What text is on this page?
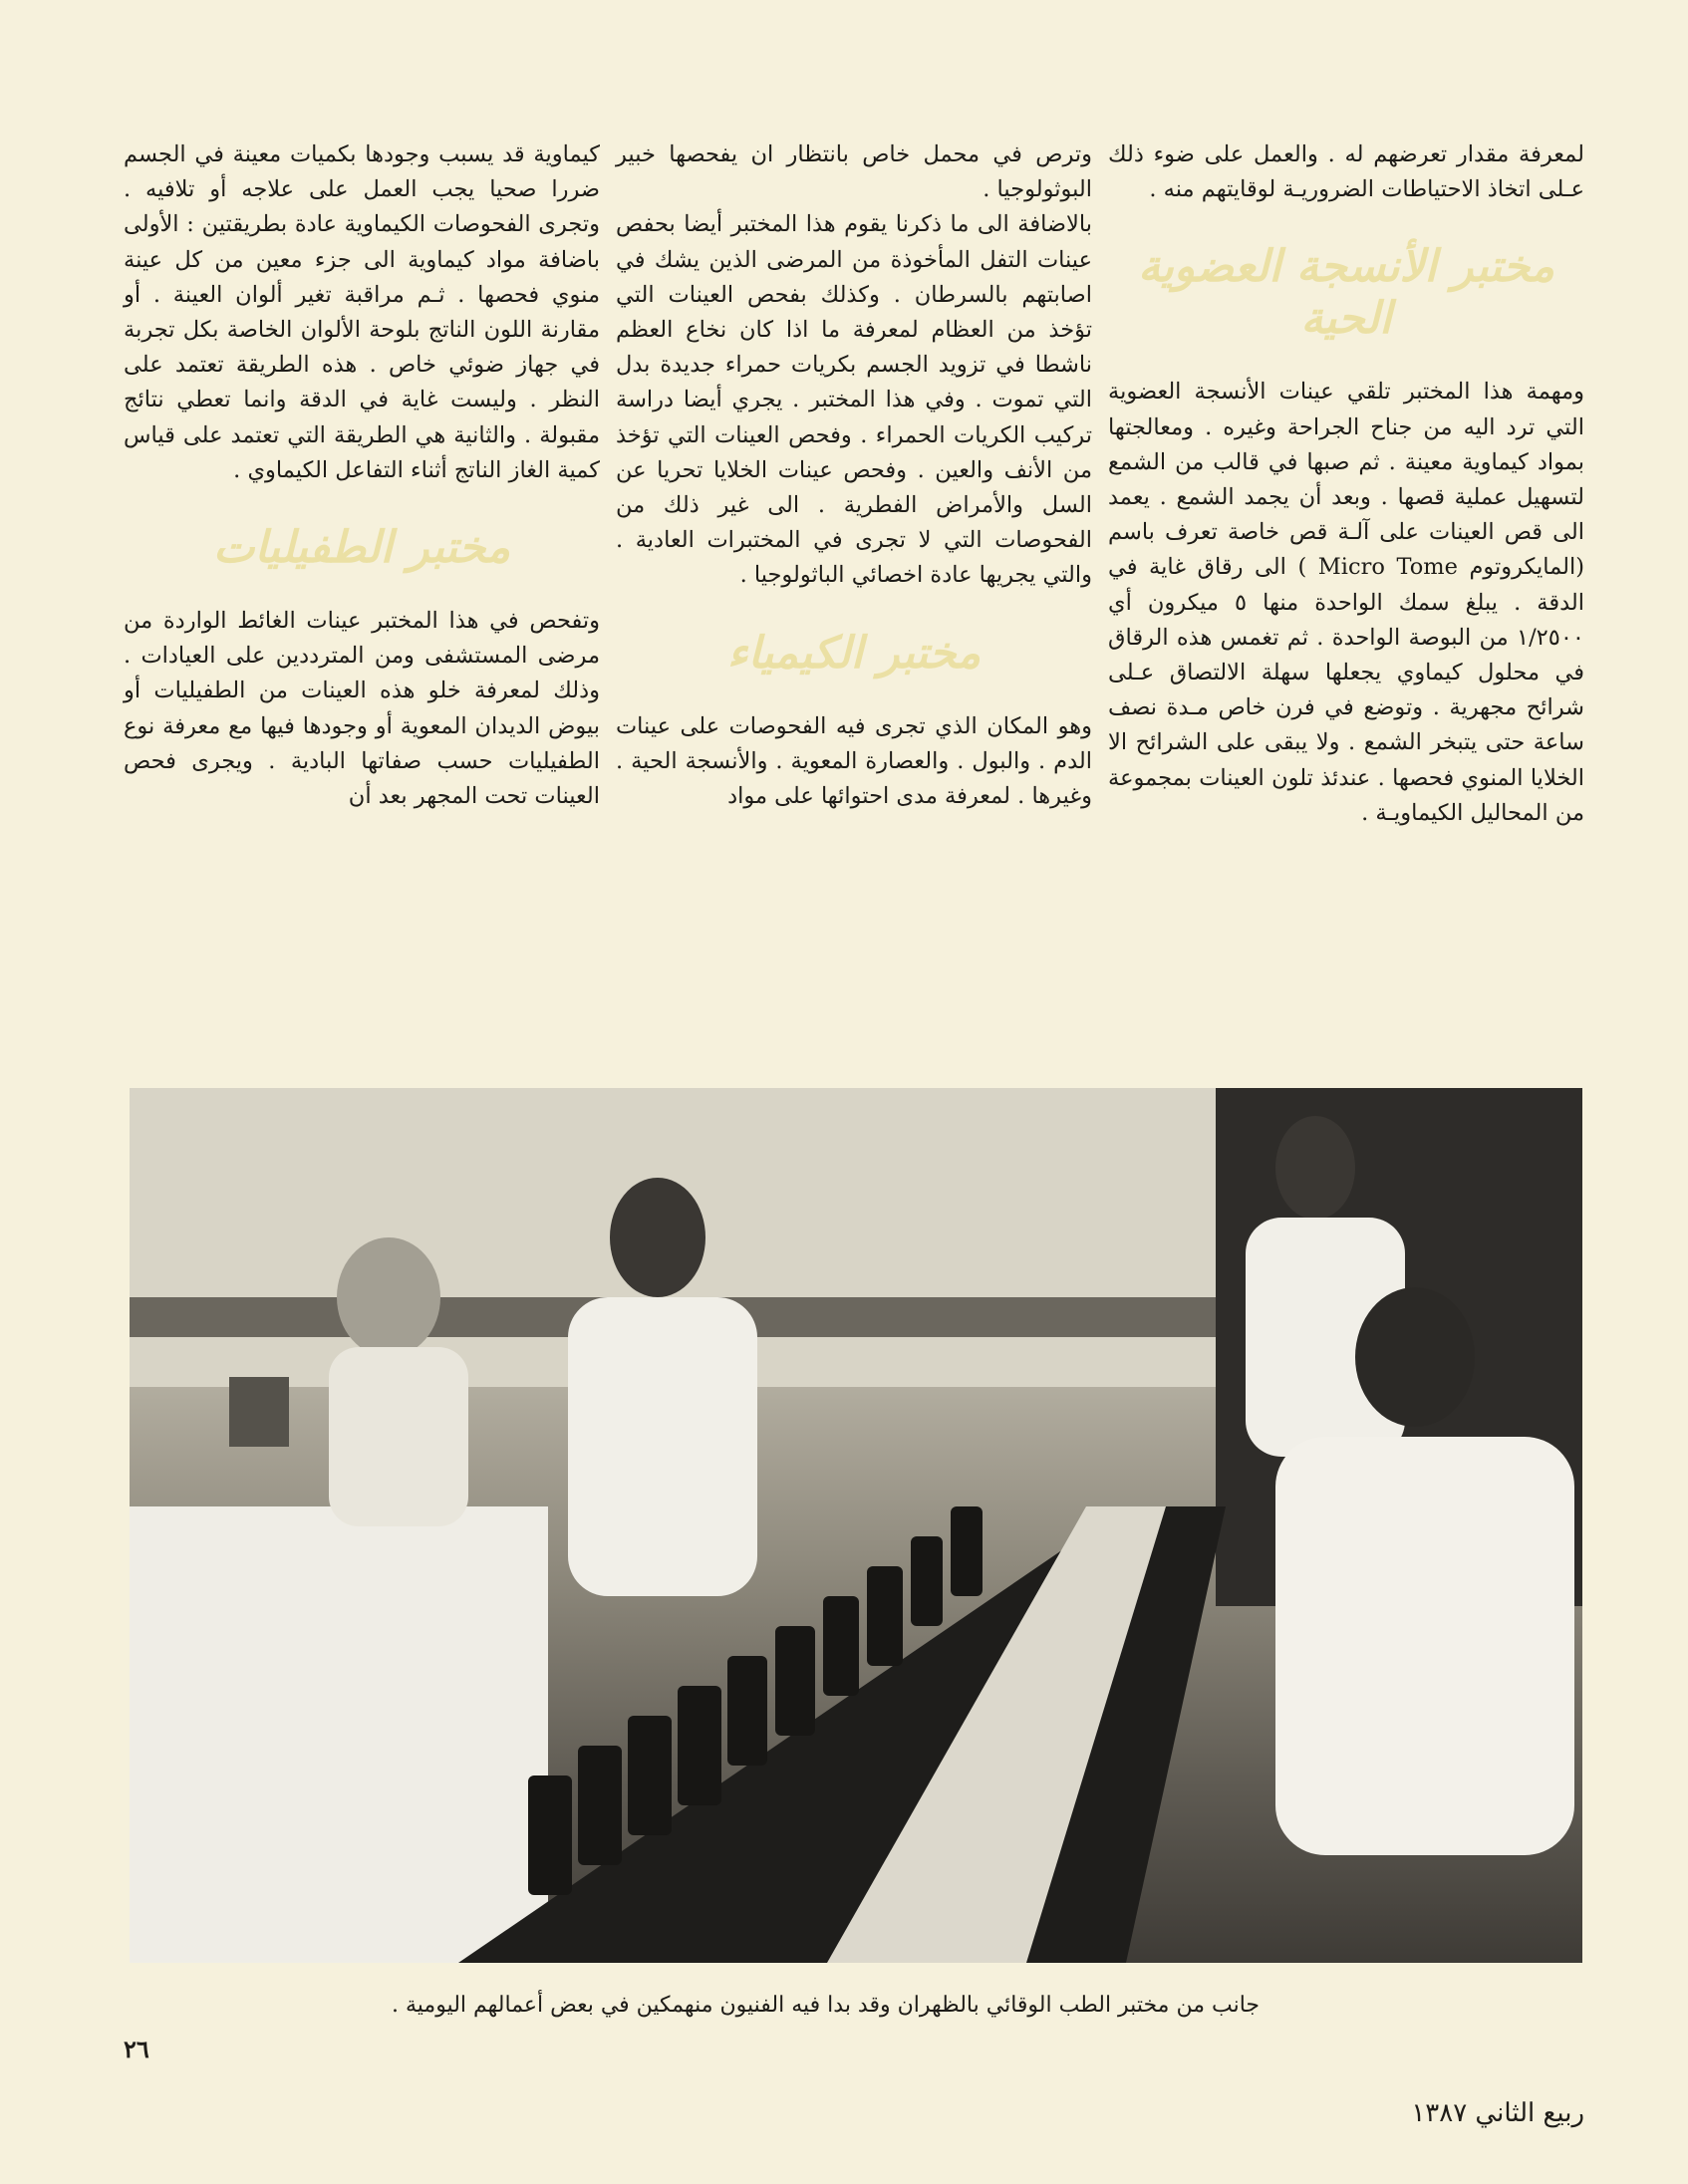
لمعرفة مقدار تعرضهم له . والعمل على ضوء ذلك عـلى اتخاذ الاحتياطات الضروريـة لوقايتهم منه .

مختبر الأنسجة العضوية الحية

ومهمة هذا المختبر تلقي عينات الأنسجة العضوية التي ترد اليه من جناح الجراحة وغيره . ومعالجتها بمواد كيماوية معينة . ثم صبها في قالب من الشمع لتسهيل عملية قصها . وبعد أن يجمد الشمع . يعمد الى قص العينات على آلـة قص خاصة تعرف باسم (المايكروتوم Micro Tome ) الى رقاق غاية في الدقة . يبلغ سمك الواحدة منها ٥ ميكرون أي ١/٢٥٠٠ من البوصة الواحدة . ثم تغمس هذه الرقاق في محلول كيماوي يجعلها سهلة الالتصاق عـلى شرائح مجهرية . وتوضع في فرن خاص مـدة نصف ساعة حتى يتبخر الشمع . ولا يبقى على الشرائح الا الخلايا المنوي فحصها . عندئذ تلون العينات بمجموعة من المحاليل الكيماويـة .

وترص في محمل خاص بانتظار ان يفحصها خبير البوثولوجيا .

بالاضافة الى ما ذكرنا يقوم هذا المختبر أيضا بحفص عينات التفل المأخوذة من المرضى الذين يشك في اصابتهم بالسرطان . وكذلك بفحص العينات التي تؤخذ من العظام لمعرفة ما اذا كان نخاع العظم ناشطا في تزويد الجسم بكريات حمراء جديدة بدل التي تموت . وفي هذا المختبر . يجري أيضا دراسة تركيب الكريات الحمراء . وفحص العينات التي تؤخذ من الأنف والعين . وفحص عينات الخلايا تحريا عن السل والأمراض الفطرية . الى غير ذلك من الفحوصات التي لا تجرى في المختبرات العادية . والتي يجريها عادة اخصائي الباثولوجيا .

مختبر الكيمياء

وهو المكان الذي تجرى فيه الفحوصات على عينات الدم . والبول . والعصارة المعوية . والأنسجة الحية . وغيرها . لمعرفة مدى احتوائها على مواد

كيماوية قد يسبب وجودها بكميات معينة في الجسم ضررا صحيا يجب العمل على علاجه أو تلافيه . وتجرى الفحوصات الكيماوية عادة بطريقتين : الأولى باضافة مواد كيماوية الى جزء معين من كل عينة منوي فحصها . ثـم مراقبة تغير ألوان العينة . أو مقارنة اللون الناتج بلوحة الألوان الخاصة بكل تجربة في جهاز ضوئي خاص . هذه الطريقة تعتمد على النظر . وليست غاية في الدقة وانما تعطي نتائج مقبولة . والثانية هي الطريقة التي تعتمد على قياس كمية الغاز الناتج أثناء التفاعل الكيماوي .

مختبر الطفيليات

وتفحص في هذا المختبر عينات الغائط الواردة من مرضى المستشفى ومن المترددين على العيادات . وذلك لمعرفة خلو هذه العينات من الطفيليات أو بيوض الديدان المعوية أو وجودها فيها مع معرفة نوع الطفيليات حسب صفاتها البادية . ويجرى فحص العينات تحت المجهر بعد أن

جانب من مختبر الطب الوقائي بالظهران وقد بدا فيه الفنيون منهمكين في بعض أعمالهم اليومية .
٢٦
ربيع الثاني ١٣٨٧
